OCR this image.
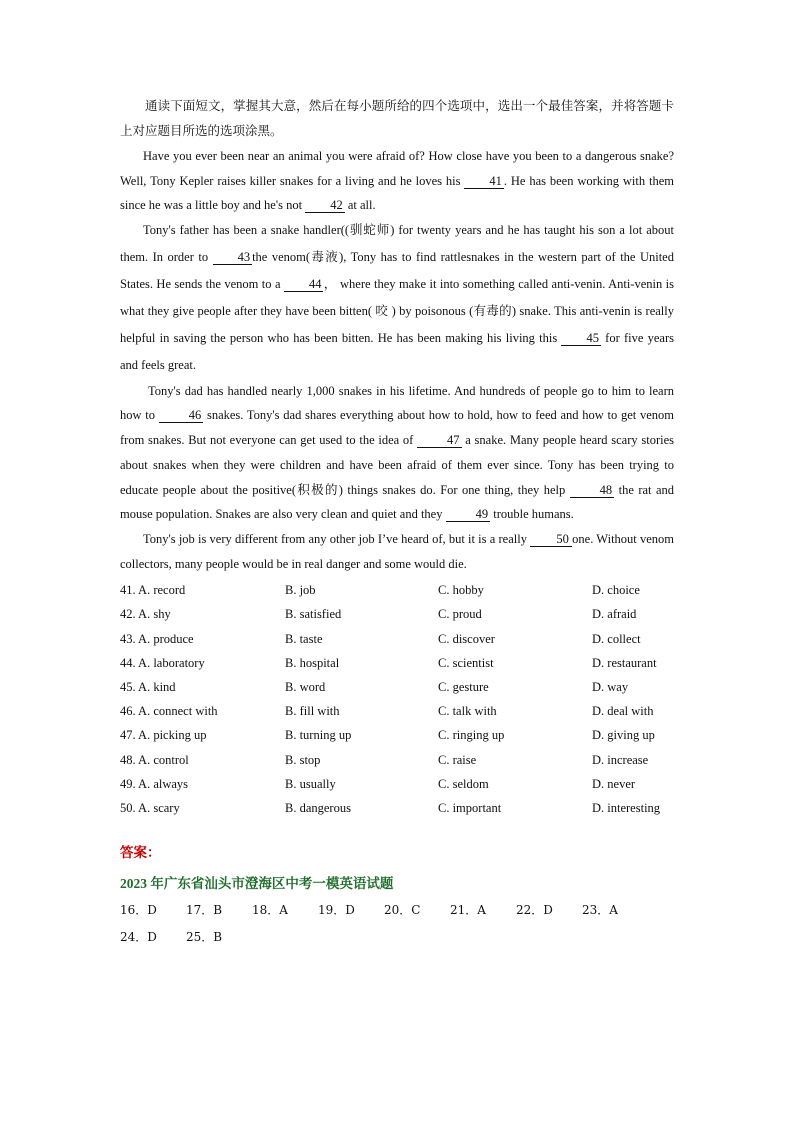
通读下面短文，掌握其大意，然后在每小题所给的四个选项中，选出一个最佳答案，并将答题卡上对应题目所选的选项涂黑。

Have you ever been near an animal you were afraid of? How close have you been to a dangerous snake? Well, Tony Kepler raises killer snakes for a living and he loves his 41 . He has been working with them since he was a little boy and he's not 42 at all.

Tony's father has been a snake handler((驯蛇师) for twenty years and he has taught his son a lot about them. In order to 43 the venom(毒液), Tony has to find rattlesnakes in the western part of the United States. He sends the venom to a 44 ， where they make it into something called anti-venin. Anti-venin is what they give people after they have been bitten( 咬 ) by poisonous (有毒的) snake. This anti-venin is really helpful in saving the person who has been bitten. He has been making his living this 45 for five years and feels great.

Tony's dad has handled nearly 1,000 snakes in his lifetime. And hundreds of people go to him to learn how to 46 snakes. Tony's dad shares everything about how to hold, how to feed and how to get venom from snakes. But not everyone can get used to the idea of 47 a snake. Many people heard scary stories about snakes when they were children and have been afraid of them ever since. Tony has been trying to educate people about the positive(积极的) things snakes do. For one thing, they help 48 the rat and mouse population. Snakes are also very clean and quiet and they 49 trouble humans.

Tony's job is very different from any other job I’ve heard of, but it is a really 50 one. Without venom collectors, many people would be in real danger and some would die.

41. A. record	B. job	C. hobby	D. choice
42. A. shy	B. satisfied	C. proud	D. afraid
43. A. produce	B. taste	C. discover	D. collect
44. A. laboratory	B. hospital	C. scientist	D. restaurant
45. A. kind	B. word	C. gesture	D. way
46. A. connect with	B. fill with	C. talk with	D. deal with
47. A. picking up	B. turning up	C. ringing up	D. giving up
48. A. control	B. stop	C. raise	D. increase
49. A. always	B. usually	C. seldom	D. never
50. A. scary	B. dangerous	C. important	D. interesting
答案：
2023 年广东省汕头市澄海区中考一模英语试题
16．D	17．B	18．A	19．D	20．C	21．A	22．D	23．A
24．D	25．B
